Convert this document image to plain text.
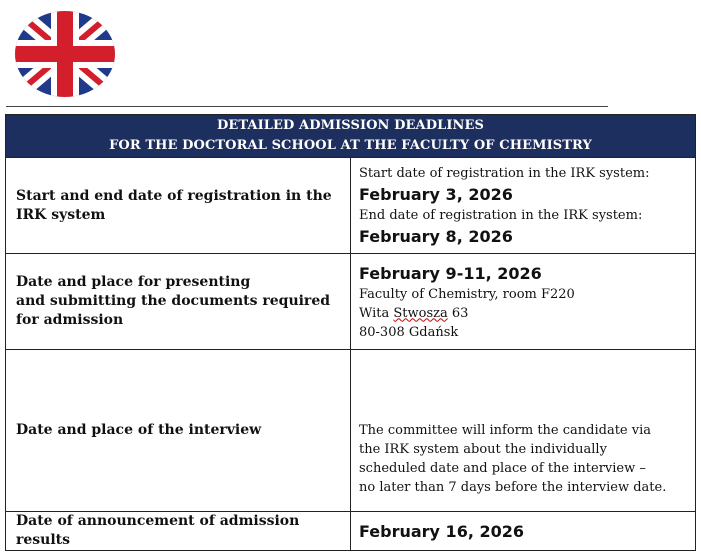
DETAILED ADMISSION DEADLINES
FOR THE DOCTORAL SCHOOL AT THE FACULTY OF CHEMISTRY	

Start and end date of registration in the IRK system	Start date of registration in the IRK system:
February 3, 2026
End date of registration in the IRK system:
February 8, 2026

Date and place for presenting
and submitting the documents required
for admission	February 9-11, 2026
Faculty of Chemistry, room F220
Wita Stwosza 63
80-308 Gdańsk

Date and place of the interview	The committee will inform the candidate via
the IRK system about the individually
scheduled date and place of the interview –
no later than 7 days before the interview date.

Date of announcement of admission
results	February 16, 2026
